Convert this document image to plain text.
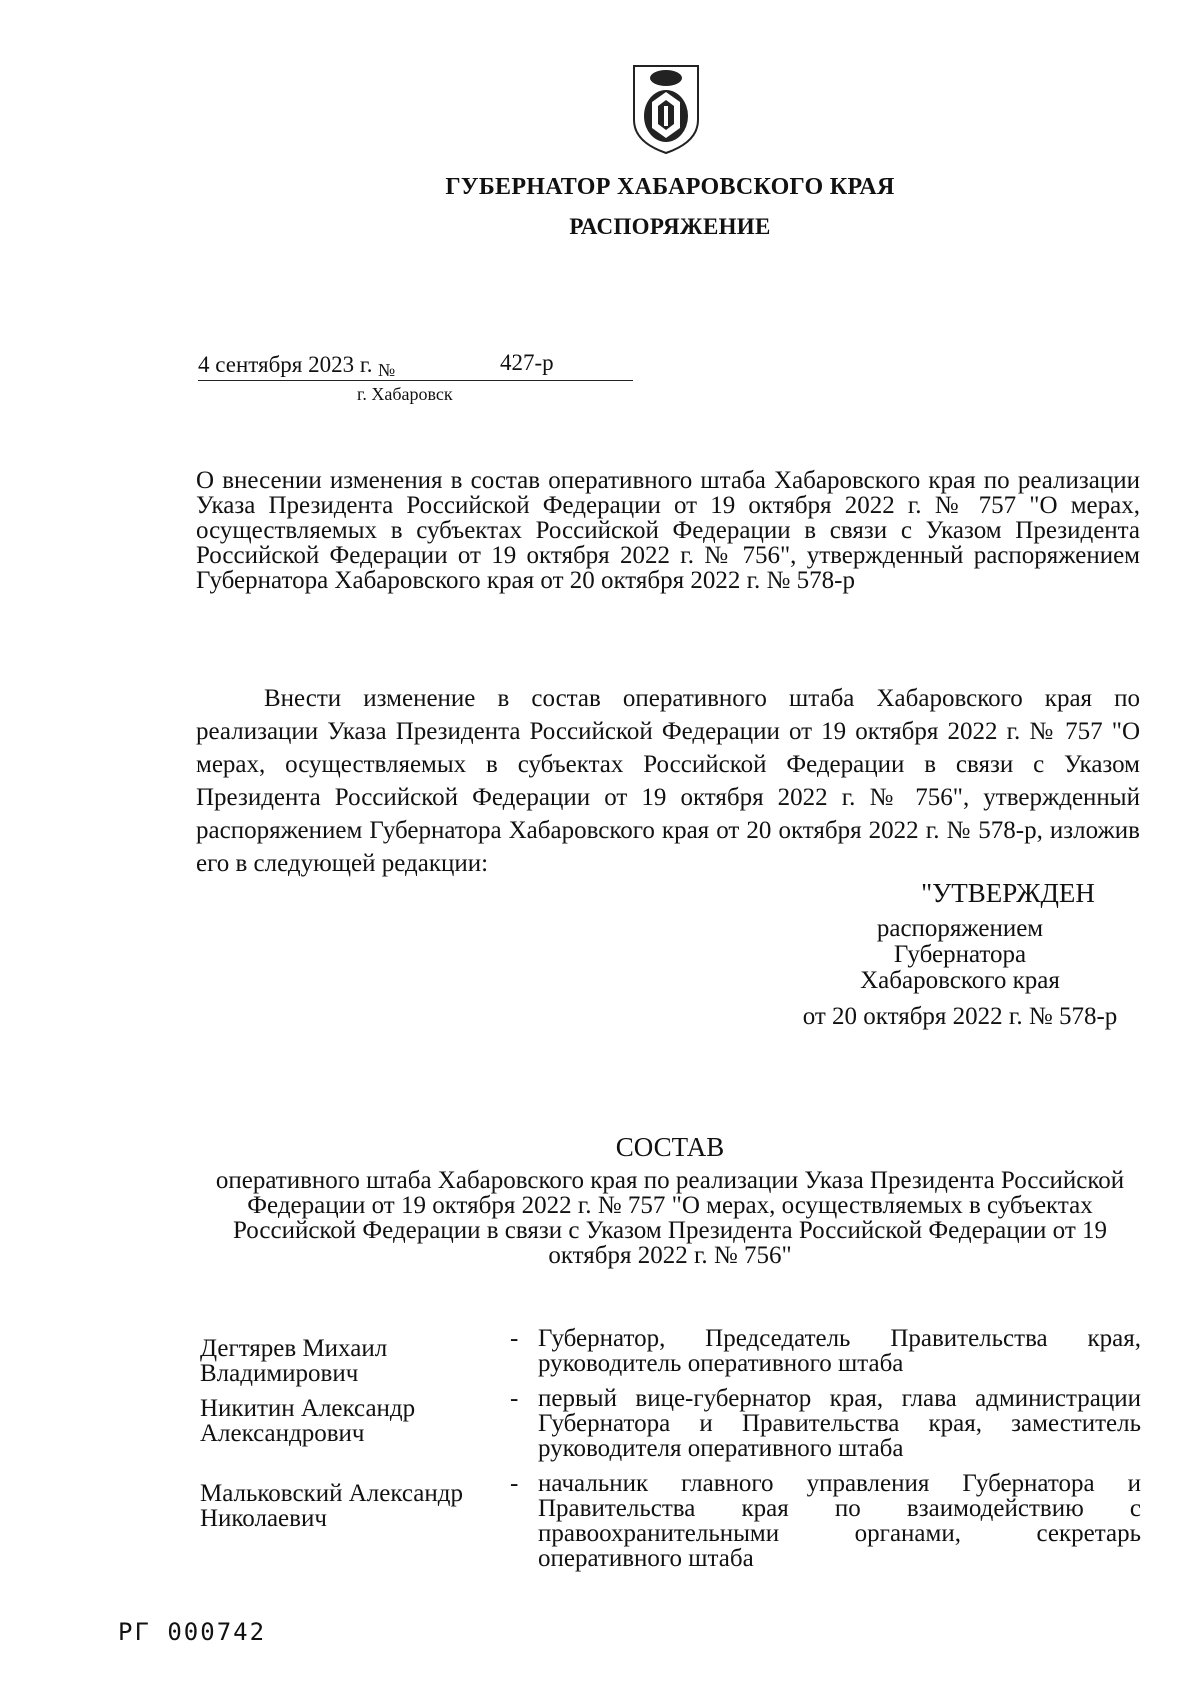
ГУБЕРНАТОР ХАБАРОВСКОГО КРАЯ
РАСПОРЯЖЕНИЕ
4 сентября 2023 г. №	427-р
г. Хабаровск
О внесении изменения в состав оперативного штаба Хабаровского края по реализации Указа Президента Российской Федерации от 19 октября 2022 г. № 757 "О мерах, осуществляемых в субъектах Российской Федерации в связи с Указом Президента Российской Федерации от 19 октября 2022 г. № 756", утвержденный распоряжением Губернатора Хабаровского края от 20 октября 2022 г. № 578-р
Внести изменение в состав оперативного штаба Хабаровского края по реализации Указа Президента Российской Федерации от 19 октября 2022 г. № 757 "О мерах, осуществляемых в субъектах Российской Федерации в связи с Указом Президента Российской Федерации от 19 октября 2022 г. № 756", утвержденный распоряжением Губернатора Хабаровского края от 20 октября 2022 г. № 578-р, изложив его в следующей редакции:
"УТВЕРЖДЕН
распоряжением
Губернатора
Хабаровского края
от 20 октября 2022 г. № 578-р
СОСТАВ
оперативного штаба Хабаровского края по реализации Указа Президента Российской Федерации от 19 октября 2022 г. № 757 "О мерах, осуществляемых в субъектах Российской Федерации в связи с Указом Президента Российской Федерации от 19 октября 2022 г. № 756"
Дегтярев Михаил Владимирович
- Губернатор, Председатель Правительства края, руководитель оперативного штаба
Никитин Александр Александрович
- первый вице-губернатор края, глава администрации Губернатора и Правительства края, заместитель руководителя оперативного штаба
Мальковский Александр Николаевич
- начальник главного управления Губернатора и Правительства края по взаимодействию с правоохранительными органами, секретарь оперативного штаба
РГ 000742
